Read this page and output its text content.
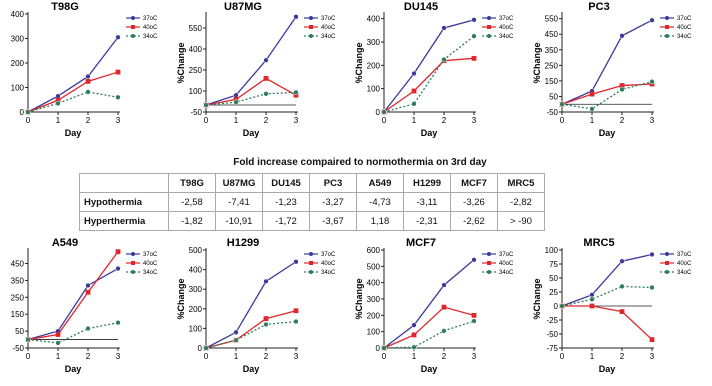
T98G
0
100
200
300
400
0	1	2	3
Day
37oC
40oC
34oC
U87MG
-50
100
250
400
550
0	1	2	3
Day
%Change
37oC
40oC
34oC
DU145
0
100
200
300
400
0	1	2	3
Day
%Change
37oC
40oC
34oC
PC3
-50
50
150
250
350
450
550
0	1	2	3
Day
%Change
37oC
40oC
34oC
Fold increase compaired to normothermia on 3rd day
	T98G	U87MG	DU145	PC3	A549	H1299	MCF7	MRC5
Hypothermia	-2,58	-7,41	-1,23	-3,27	-4,73	-3,11	-3,26	-2,82
Hyperthermia	-1,82	-10,91	-1,72	-3,67	1,18	-2,31	-2,62	> -90
A549
-50
50
150
250
350
450
0	1	2	3
Day
37oC
40oC
34oC
H1299
0
100
200
300
400
500
0	1	2	3
Day
%Change
37oC
40oC
34oC
MCF7
0
100
200
300
400
500
600
0	1	2	3
Day
%Change
37oC
40oC
34oC
MRC5
-75
-50
-25
0
25
50
75
100
0	1	2	3
Day
%Change
37oC
40oC
34oC
